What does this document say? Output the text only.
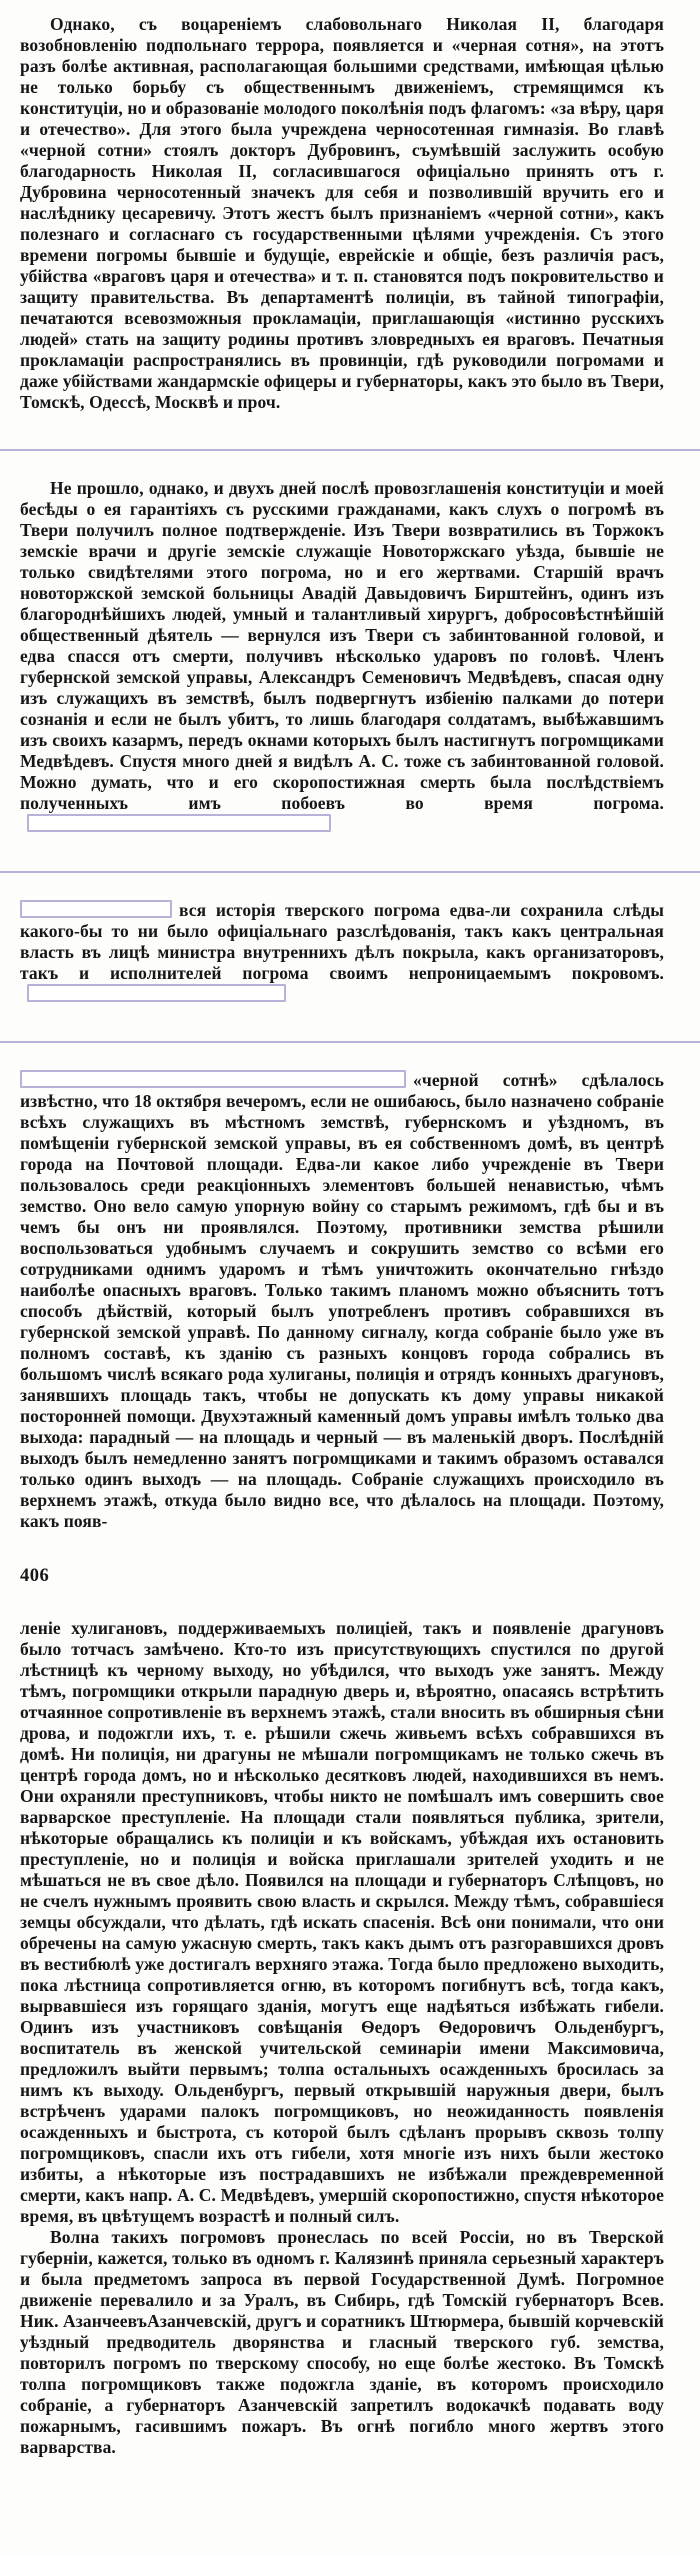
Однако, съ воцареніемъ слабовольнаго Николая II, благодаря возобновленію подпольнаго террора, появляется и «черная сотня», на этотъ разъ болѣе активная, располагающая большими средствами, имѣющая цѣлью не только борьбу съ общественнымъ движеніемъ, стремящимся къ конституціи, но и образованіе молодого поколѣнія подъ флагомъ: «за вѣру, царя и отечество». Для этого была учреждена черносотенная гимназія. Во главѣ «черной сотни» стоялъ докторъ Дубровинъ, съумѣвшій заслужить особую благодарность Николая II, согласившагося офиціально принять отъ г. Дубровина черносотенный значекъ для себя и позволившій вручить его и наслѣднику цесаревичу. Этотъ жестъ былъ признаніемъ «черной сотни», какъ полезнаго и согласнаго съ государственными цѣлями учрежденія. Съ этого времени погромы бывшіе и будущіе, еврейскіе и общіе, безъ различія расъ, убійства «враговъ царя и отечества» и т. п. становятся подъ покровительство и защиту правительства. Въ департаментѣ полиціи, въ тайной типографіи, печатаются всевозможныя прокламаціи, приглашающія «истинно русскихъ людей» стать на защиту родины противъ зловредныхъ ея враговъ. Печатныя прокламаціи распространялись въ провинціи, гдѣ руководили погромами и даже убійствами жандармскіе офицеры и губернаторы, какъ это было въ Твери, Томскѣ, Одессѣ, Москвѣ и проч.

Не прошло, однако, и двухъ дней послѣ провозглашенія конституціи и моей бесѣды о ея гарантіяхъ съ русскими гражданами, какъ слухъ о погромѣ въ Твери получилъ полное подтвержденіе. Изъ Твери возвратились въ Торжокъ земскіе врачи и другіе земскіе служащіе Новоторжскаго уѣзда, бывшіе не только свидѣтелями этого погрома, но и его жертвами. Старшій врачъ новоторжской земской больницы Авадій Давыдовичъ Бирштейнъ, одинъ изъ благороднѣйшихъ людей, умный и талантливый хирургъ, добросовѣстнѣйшій общественный дѣятель — вернулся изъ Твери съ забинтованной головой, и едва спасся отъ смерти, получивъ нѣсколько ударовъ по головѣ. Членъ губернской земской управы, Александръ Семеновичъ Медвѣдевъ, спасая одну изъ служащихъ въ земствѣ, былъ подвергнутъ избіенію палками до потери сознанія и если не былъ убитъ, то лишь благодаря солдатамъ, выбѣжавшимъ изъ своихъ казармъ, передъ окнами которыхъ былъ настигнутъ погромщиками Медвѣдевъ. Спустя много дней я видѣлъ А. С. тоже съ забинтованной головой. Можно думать, что и его скоропостижная смерть была послѣдствіемъ полученныхъ имъ побоевъ во время погрома.

вся исторія тверского погрома едва-ли сохранила слѣды какого-бы то ни было офиціальнаго разслѣдованія, такъ какъ центральная власть въ лицѣ министра внутреннихъ дѣлъ покрыла, какъ организаторовъ, такъ и исполнителей погрома своимъ непроницаемымъ покровомъ.

«черной сотнѣ» сдѣлалось извѣстно, что 18 октября вечеромъ, если не ошибаюсь, было назначено собраніе всѣхъ служащихъ въ мѣстномъ земствѣ, губернскомъ и уѣздномъ, въ помѣщеніи губернской земской управы, въ ея собственномъ домѣ, въ центрѣ города на Почтовой площади. Едва-ли какое либо учрежденіе въ Твери пользовалось среди реакціонныхъ элементовъ большей ненавистью, чѣмъ земство. Оно вело самую упорную войну со старымъ режимомъ, гдѣ бы и въ чемъ бы онъ ни проявлялся. Поэтому, противники земства рѣшили воспользоваться удобнымъ случаемъ и сокрушить земство со всѣми его сотрудниками однимъ ударомъ и тѣмъ уничтожить окончательно гнѣздо наиболѣе опасныхъ враговъ. Только такимъ планомъ можно объяснить тотъ способъ дѣйствій, который былъ употребленъ противъ собравшихся въ губернской земской управѣ. По данному сигналу, когда собраніе было уже въ полномъ составѣ, къ зданію съ разныхъ концовъ города собрались въ большомъ числѣ всякаго рода хулиганы, полиція и отрядъ конныхъ драгуновъ, занявшихъ площадь такъ, чтобы не допускать къ дому управы никакой посторонней помощи. Двухэтажный каменный домъ управы имѣлъ только два выхода: парадный — на площадь и черный — въ маленькій дворъ. Послѣдній выходъ былъ немедленно занятъ погромщиками и такимъ образомъ оставался только одинъ выходъ — на площадь. Собраніе служащихъ происходило въ верхнемъ этажѣ, откуда было видно все, что дѣлалось на площади. Поэтому, какъ появ-

406

леніе хулигановъ, поддерживаемыхъ полиціей, такъ и появленіе драгуновъ было тотчасъ замѣчено. Кто-то изъ присутствующихъ спустился по другой лѣстницѣ къ черному выходу, но убѣдился, что выходъ уже занятъ. Между тѣмъ, погромщики открыли парадную дверь и, вѣроятно, опасаясь встрѣтить отчаянное сопротивленіе въ верхнемъ этажѣ, стали вносить въ обширныя сѣни дрова, и подожгли ихъ, т. е. рѣшили сжечь живьемъ всѣхъ собравшихся въ домѣ. Ни полиція, ни драгуны не мѣшали погромщикамъ не только сжечь въ центрѣ города домъ, но и нѣсколько десятковъ людей, находившихся въ немъ. Они охраняли преступниковъ, чтобы никто не помѣшалъ имъ совершить свое варварское преступленіе. На площади стали появляться публика, зрители, нѣкоторые обращались къ полиціи и къ войскамъ, убѣждая ихъ остановить преступленіе, но и полиція и войска приглашали зрителей уходить и не мѣшаться не въ свое дѣло. Появился на площади и губернаторъ Слѣпцовъ, но не счелъ нужнымъ проявить свою власть и скрылся. Между тѣмъ, собравшіеся земцы обсуждали, что дѣлать, гдѣ искать спасенія. Всѣ они понимали, что они обречены на самую ужасную смерть, такъ какъ дымъ отъ разгоравшихся дровъ въ вестибюлѣ уже достигалъ верхняго этажа. Тогда было предложено выходить, пока лѣстница сопротивляется огню, въ которомъ погибнутъ всѣ, тогда какъ, вырвавшіеся изъ горящаго зданія, могутъ еще надѣяться избѣжать гибели. Одинъ изъ участниковъ совѣщанія Ѳедоръ Ѳедоровичъ Ольденбургъ, воспитатель въ женской учительской семинаріи имени Максимовича, предложилъ выйти первымъ; толпа остальныхъ осажденныхъ бросилась за нимъ къ выходу. Ольденбургъ, первый открывшій наружныя двери, былъ встрѣченъ ударами палокъ погромщиковъ, но неожиданность появленія осажденныхъ и быстрота, съ которой былъ сдѣланъ прорывъ сквозь толпу погромщиковъ, спасли ихъ отъ гибели, хотя многіе изъ нихъ были жестоко избиты, а нѣкоторые изъ пострадавшихъ не избѣжали преждевременной смерти, какъ напр. А. С. Медвѣдевъ, умершій скоропостижно, спустя нѣкоторое время, въ цвѣтущемъ возрастѣ и полный силъ.

Волна такихъ погромовъ пронеслась по всей Россіи, но въ Тверской губерніи, кажется, только въ одномъ г. Калязинѣ приняла серьезный характеръ и была предметомъ запроса въ первой Государственной Думѣ. Погромное движеніе перевалило и за Уралъ, въ Сибирь, гдѣ Томскій губернаторъ Всев. Ник. АзанчеевъАзанчевскій, другъ и соратникъ Штюрмера, бывшій корчевскій уѣздный предводитель дворянства и гласный тверского губ. земства, повторилъ погромъ по тверскому способу, но еще болѣе жестоко. Въ Томскѣ толпа погромщиковъ также подожгла зданіе, въ которомъ происходило собраніе, а губернаторъ Азанчевскій запретилъ водокачкѣ подавать воду пожарнымъ, гасившимъ пожаръ. Въ огнѣ погибло много жертвъ этого варварства.
